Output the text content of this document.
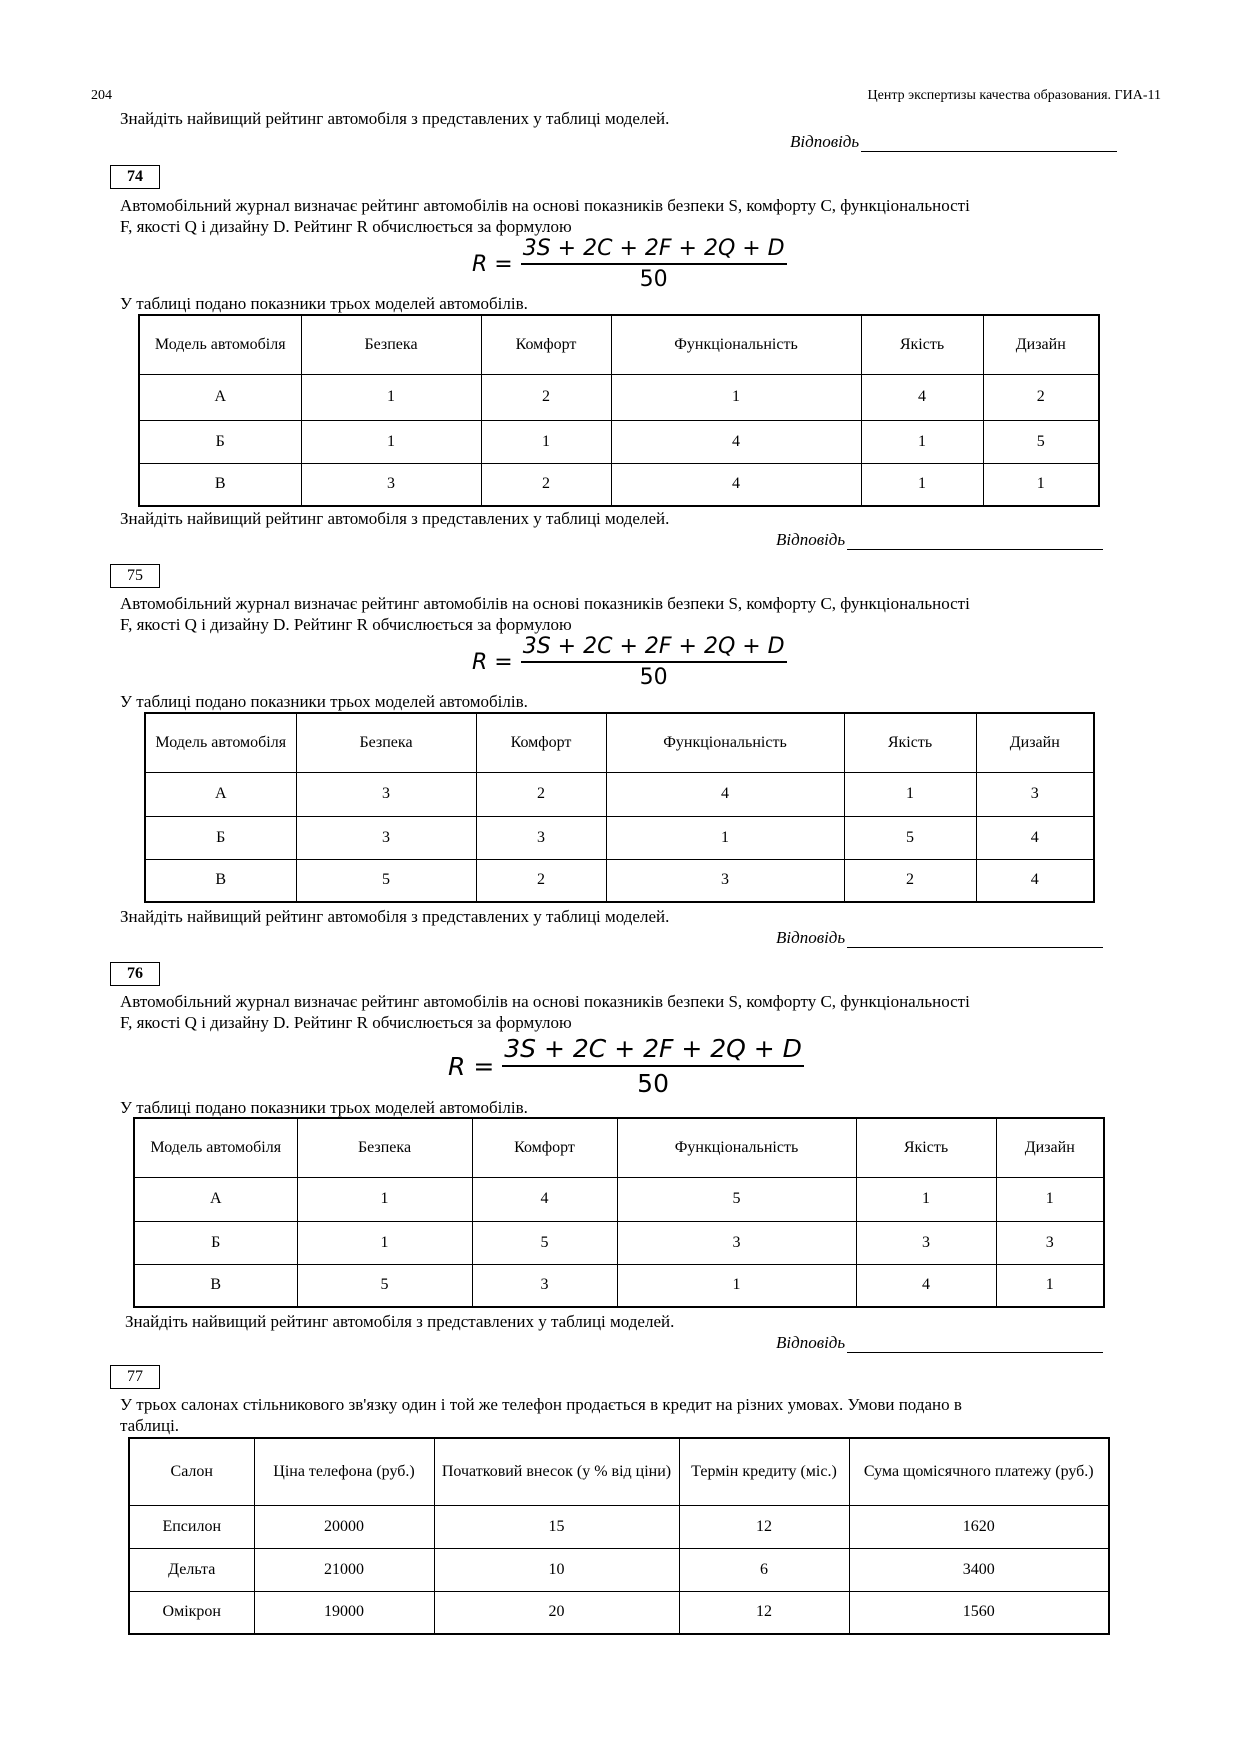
204	Центр экспертизы качества образования. ГИА-11
Знайдіть найвищий рейтинг автомобіля з представлених у таблиці моделей.
Відповідь
74
Автомобільний журнал визначає рейтинг автомобілів на основі показників безпеки S, комфорту C, функціональності
F, якості Q і дизайну D. Рейтинг R обчислюється за формулою
$R = \frac{3S + 2C + 2F + 2Q + D}{50}$
У таблиці подано показники трьох моделей автомобілів.
Модель автомобіля	Безпека	Комфорт	Функціональність	Якість	Дизайн
А	1	2	1	4	2
Б	1	1	4	1	5
В	3	2	4	1	1
Знайдіть найвищий рейтинг автомобіля з представлених у таблиці моделей.
Відповідь
75
Автомобільний журнал визначає рейтинг автомобілів на основі показників безпеки S, комфорту C, функціональності
F, якості Q і дизайну D. Рейтинг R обчислюється за формулою
$R = \frac{3S + 2C + 2F + 2Q + D}{50}$
У таблиці подано показники трьох моделей автомобілів.
Модель автомобіля	Безпека	Комфорт	Функціональність	Якість	Дизайн
А	3	2	4	1	3
Б	3	3	1	5	4
В	5	2	3	2	4
Знайдіть найвищий рейтинг автомобіля з представлених у таблиці моделей.
Відповідь
76
Автомобільний журнал визначає рейтинг автомобілів на основі показників безпеки S, комфорту C, функціональності
F, якості Q і дизайну D. Рейтинг R обчислюється за формулою
$R = \frac{3S + 2C + 2F + 2Q + D}{50}$
У таблиці подано показники трьох моделей автомобілів.
Модель автомобіля	Безпека	Комфорт	Функціональність	Якість	Дизайн
А	1	4	5	1	1
Б	1	5	3	3	3
В	5	3	1	4	1
Знайдіть найвищий рейтинг автомобіля з представлених у таблиці моделей.
Відповідь
77
У трьох салонах стільникового зв'язку один і той же телефон продається в кредит на різних умовах. Умови подано в
таблиці.
Салон	Ціна телефона (руб.)	Початковий внесок (у % від ціни)	Термін кредиту (міс.)	Сума щомісячного платежу (руб.)
Епсилон	20000	15	12	1620
Дельта	21000	10	6	3400
Омікрон	19000	20	12	1560
